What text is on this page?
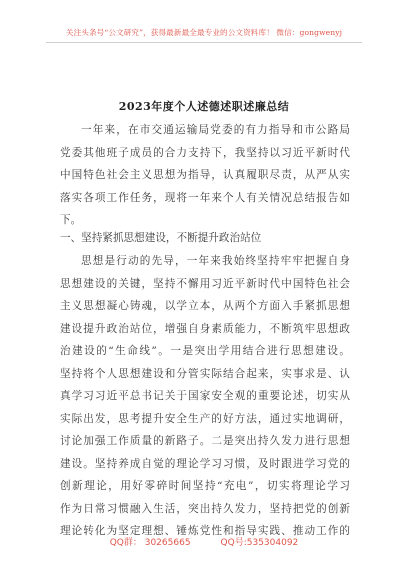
关注头条号“公文研究”，获得最新最全最专业的公文资料库！ 微信：gongwenyj
2023年度个人述德述职述廉总结
一年来，在市交通运输局党委的有力指导和市公路局
党委其他班子成员的合力支持下，我坚持以习近平新时代
中国特色社会主义思想为指导，认真履职尽责，从严从实
落实各项工作任务，现将一年来个人有关情况总结报告如
下。
一、坚持紧抓思想建设，不断提升政治站位
思想是行动的先导，一年来我始终坚持牢牢把握自身
思想建设的关键，坚持不懈用习近平新时代中国特色社会
主义思想凝心铸魂，以学立本，从两个方面入手紧抓思想
建设提升政治站位，增强自身素质能力，不断筑牢思想政
治建设的“生命线”。一是突出学用结合进行思想建设。
坚持将个人思想建设和分管实际结合起来，实事求是、认
真学习习近平总书记关于国家安全观的重要论述，切实从
实际出发，思考提升安全生产的好方法，通过实地调研，
讨论加强工作质量的新路子。二是突出持久发力进行思想
建设。坚持养成自觉的理论学习习惯，及时跟进学习党的
创新理论，用好零碎时间坚持“充电”，切实将理论学习
作为日常习惯融入生活，突出持久发力，坚持把党的创新
理论转化为坚定理想、锤炼党性和指导实践、推动工作的
QQ群： 30265665	QQ号:535304092
